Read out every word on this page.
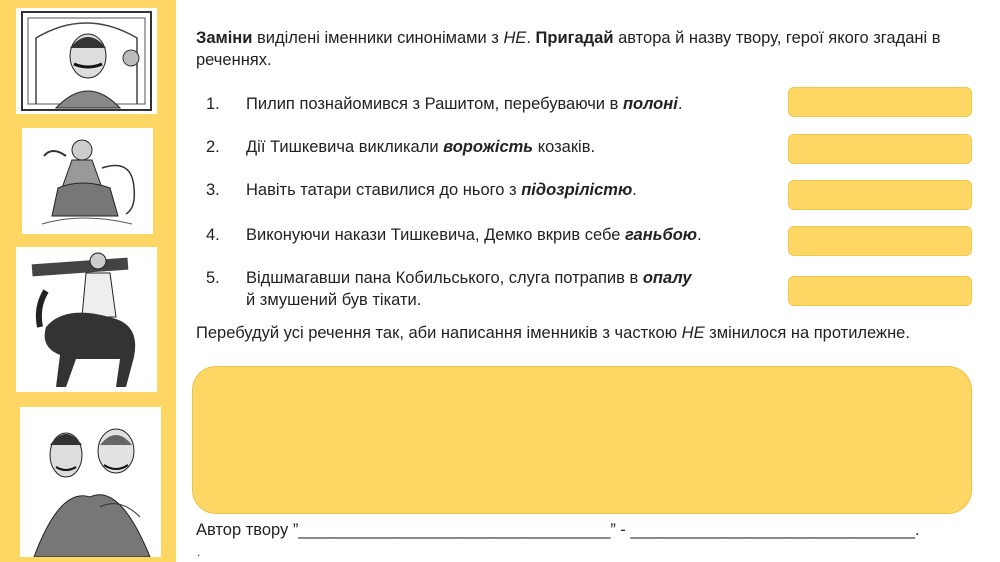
Заміни виділені іменники синонімами з НЕ. Пригадай автора й назву твору, герої якого згадані в реченнях.
1. Пилип познайомився з Рашитом, перебуваючи в полоні.
2. Дії Тишкевича викликали ворожість козаків.
3. Навіть татари ставилися до нього з підозрілістю.
4. Виконуючи накази Тишкевича, Демко вкрив себе ганьбою.
5. Відшмагавши пана Кобильського, слуга потрапив в опалу
й змушений був тікати.
Перебудуй усі речення так, аби написання іменників з часткою НЕ змінилося на протилежне.
Автор твору ”__________________________________” - _______________________________.
.
